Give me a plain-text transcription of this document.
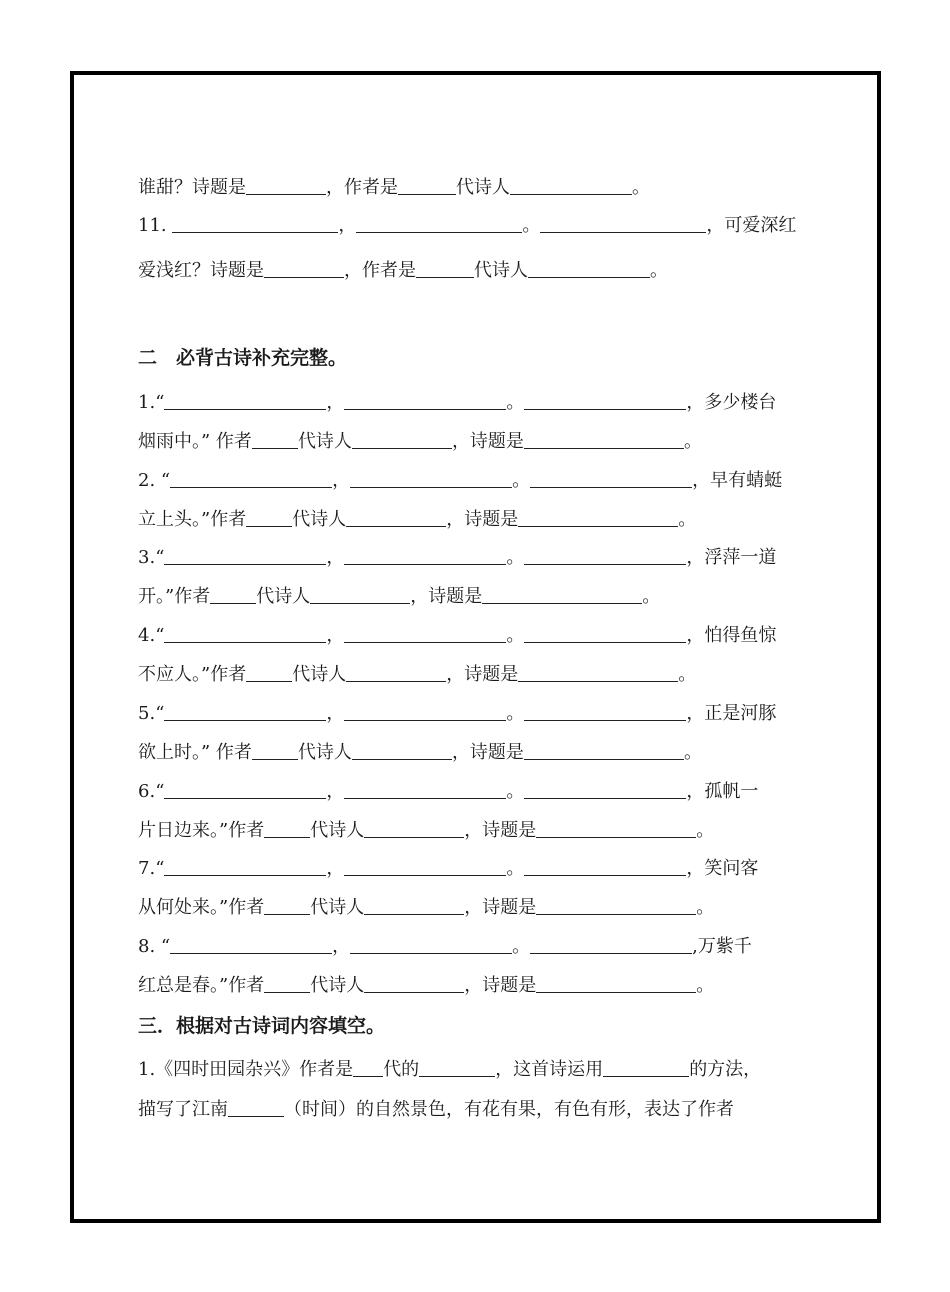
谁甜？诗题是	，作者是	代诗人	。
11.	，	。	，可爱深红
爱浅红？诗题是	，作者是	代诗人	。
二　必背古诗补充完整。
1.“	，	。	，多少楼台
烟雨中。” 作者	代诗人	，诗题是	。
2. “	，	。	，早有蜻蜓
立上头。”作者	代诗人	，诗题是	。
3.“	，	。	，浮萍一道
开。”作者	代诗人	，诗题是	。
4.“	，	。	，怕得鱼惊
不应人。”作者	代诗人	，诗题是	。
5.“	，	。	，正是河豚
欲上时。” 作者	代诗人	，诗题是	。
6.“	，	。	，孤帆一
片日边来。”作者	代诗人	，诗题是	。
7.“	，	。	，笑问客
从何处来。”作者	代诗人	，诗题是	。
8. “	，	。	,万紫千
红总是春。”作者	代诗人	，诗题是	。
三．根据对古诗词内容填空。
1.《四时田园杂兴》作者是 代的	，这首诗运用	的方法，
描写了江南	（时间）的自然景色，有花有果，有色有形，表达了作者
